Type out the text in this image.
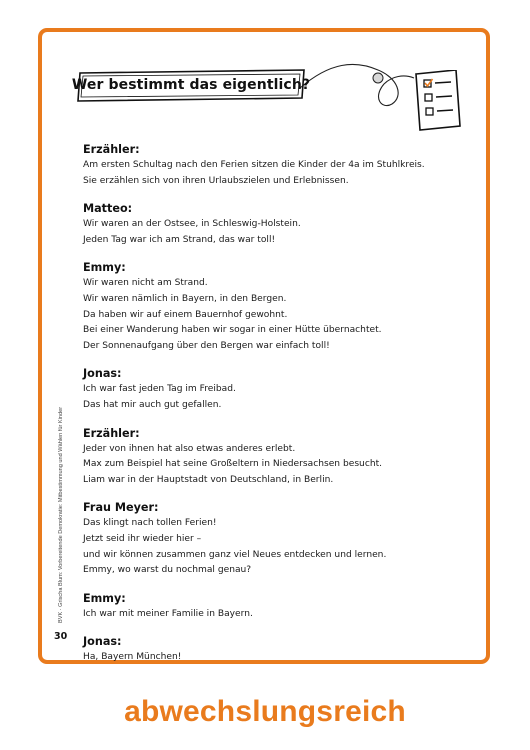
Wer bestimmt das eigentlich?
Erzähler:
Am ersten Schultag nach den Ferien sitzen die Kinder der 4a im Stuhlkreis.
Sie erzählen sich von ihren Urlaubszielen und Erlebnissen.
Matteo:
Wir waren an der Ostsee, in Schleswig-Holstein.
Jeden Tag war ich am Strand, das war toll!
Emmy:
Wir waren nicht am Strand.
Wir waren nämlich in Bayern, in den Bergen.
Da haben wir auf einem Bauernhof gewohnt.
Bei einer Wanderung haben wir sogar in einer Hütte übernachtet.
Der Sonnenaufgang über den Bergen war einfach toll!
Jonas:
Ich war fast jeden Tag im Freibad.
Das hat mir auch gut gefallen.
Erzähler:
Jeder von ihnen hat also etwas anderes erlebt.
Max zum Beispiel hat seine Großeltern in Niedersachsen besucht.
Liam war in der Hauptstadt von Deutschland, in Berlin.
Frau Meyer:
Das klingt nach tollen Ferien!
Jetzt seid ihr wieder hier –
und wir können zusammen ganz viel Neues entdecken und lernen.
Emmy, wo warst du nochmal genau?
Emmy:
Ich war mit meiner Familie in Bayern.
Jonas:
Ha, Bayern München!
BVK · Grischa Blum: Vorbereitende Demokratie: Mitbestimmung und Wählen für Kinder
30
abwechslungsreich
